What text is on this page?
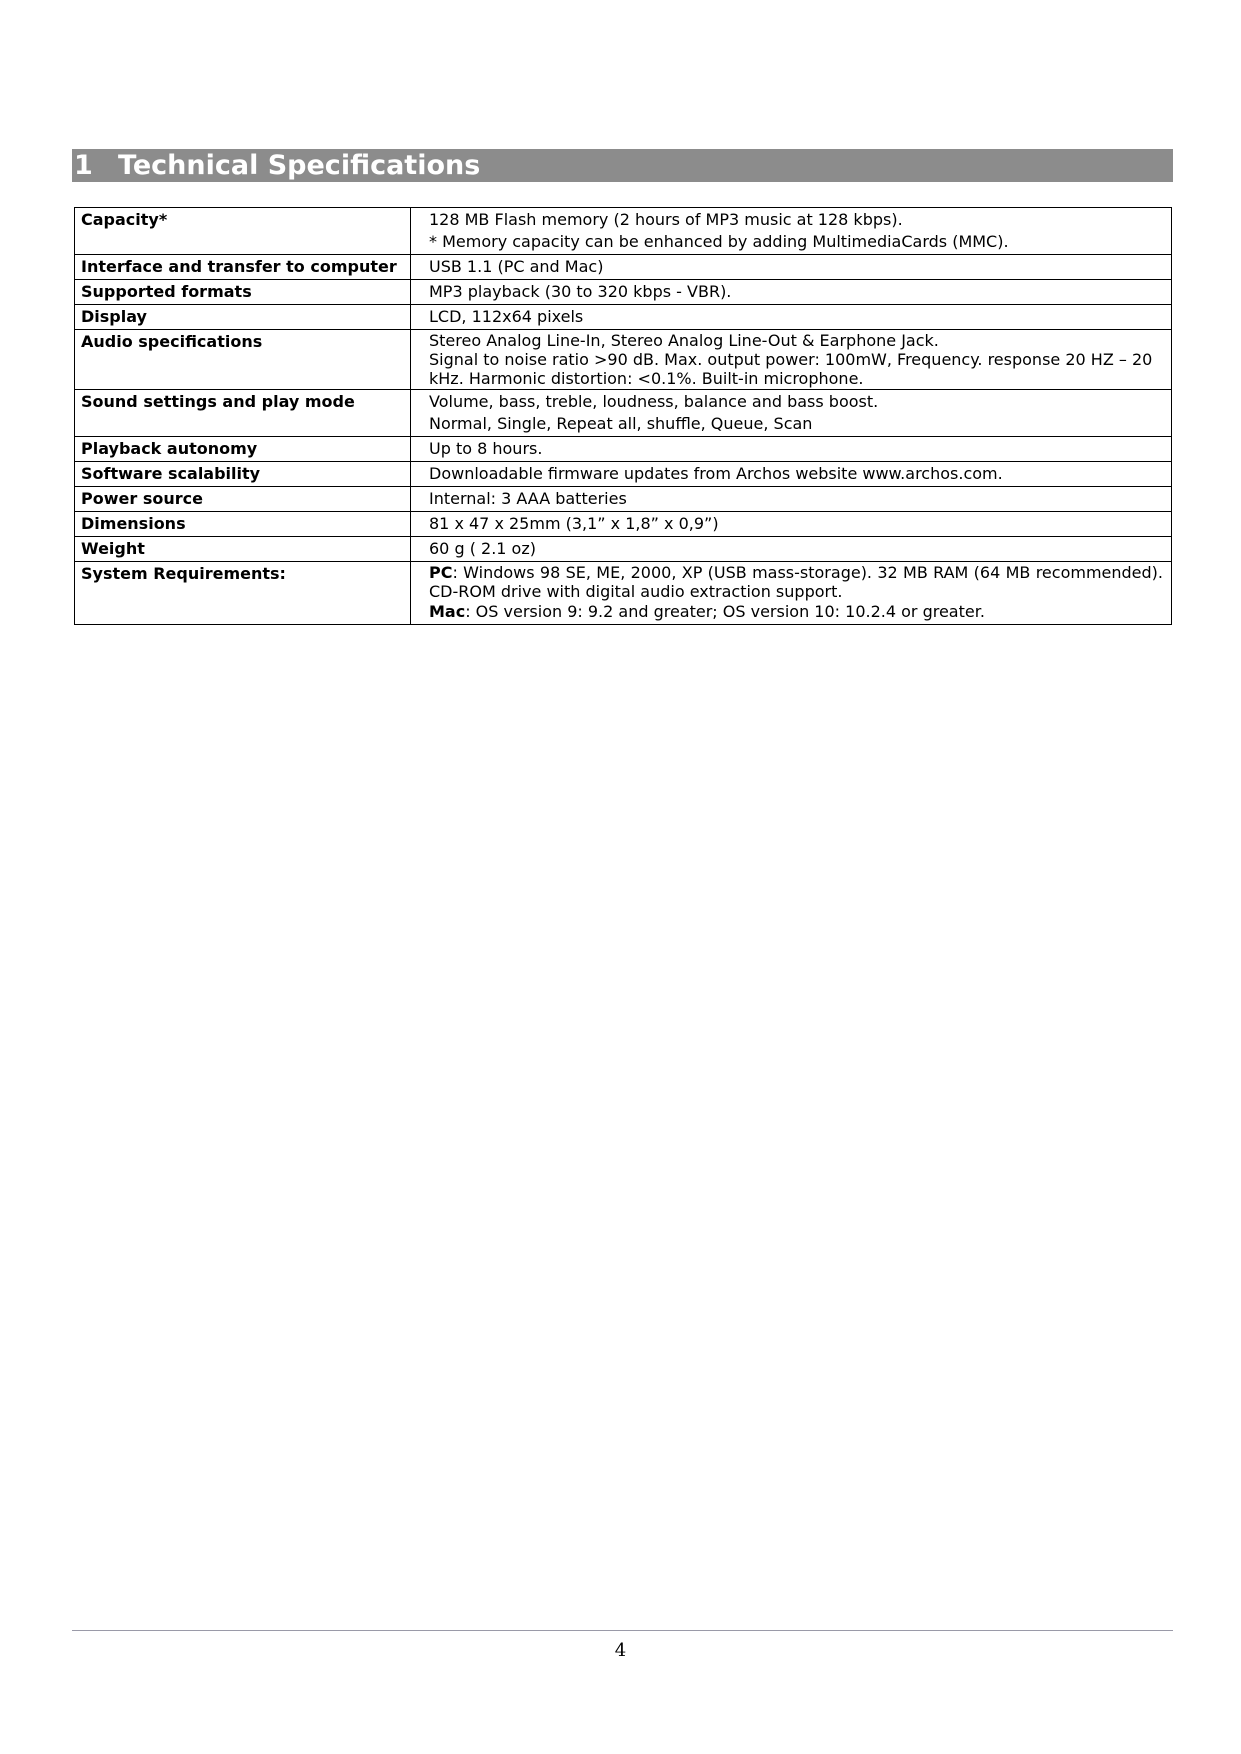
1 Technical Specifications
Capacity*	128 MB Flash memory (2 hours of MP3 music at 128 kbps).
* Memory capacity can be enhanced by adding MultimediaCards (MMC).

Interface and transfer to computer	USB 1.1 (PC and Mac)

Supported formats	MP3 playback (30 to 320 kbps - VBR).

Display	LCD, 112x64 pixels

Audio specifications	Stereo Analog Line-In, Stereo Analog Line-Out & Earphone Jack.
Signal to noise ratio >90 dB. Max. output power: 100mW, Frequency. response 20 HZ – 20 kHz. Harmonic distortion: <0.1%. Built-in microphone.

Sound settings and play mode	Volume, bass, treble, loudness, balance and bass boost.
Normal, Single, Repeat all, shuffle, Queue, Scan

Playback autonomy	Up to 8 hours.

Software scalability	Downloadable firmware updates from Archos website www.archos.com.

Power source	Internal: 3 AAA batteries

Dimensions	81 x 47 x 25mm (3,1” x 1,8” x 0,9”)

Weight	60 g ( 2.1 oz)

System Requirements:	PC: Windows 98 SE, ME, 2000, XP (USB mass-storage). 32 MB RAM (64 MB recommended). CD-ROM drive with digital audio extraction support.
Mac: OS version 9: 9.2 and greater; OS version 10: 10.2.4 or greater.
4
